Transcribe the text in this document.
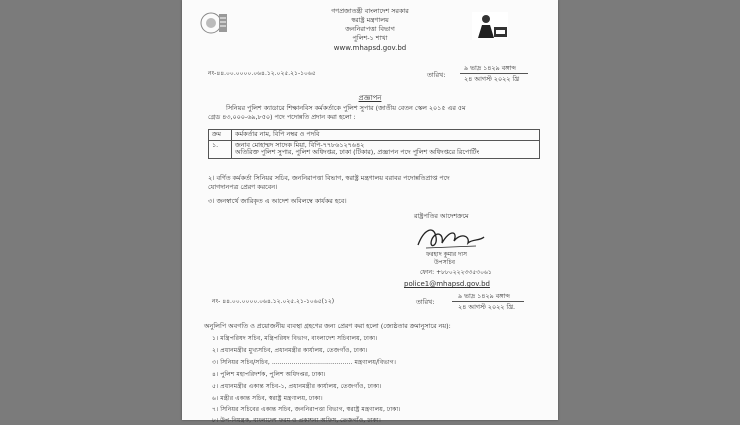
গণপ্রজাতন্ত্রী বাংলাদেশ সরকার
স্বরাষ্ট্র মন্ত্রণালয়
জননিরাপত্তা বিভাগ
পুলিশ-১ শাখা
www.mhapsd.gov.bd
নং-৪৪.০০.০০০০.০৬৪.১২.০২৫.২১-১০৬৫	তারিখ:
৯ ভাদ্র ১৪২৯ বঙ্গাব্দ
২৪ আগস্ট ২০২২ খ্রি
প্রজ্ঞাপন
সিনিয়র পুলিশ ক্যাডারে শিক্ষানবিস কর্মকর্তাকে পুলিশ সুপার (জাতীয় বেতন স্কেল ২০১৫ এর ৫ম
গ্রেড ৪৩,০০০-৬৯,৮৫০) পদে পদোন্নতি প্রদান করা হলো :
ক্রম	কর্মকর্তার নাম, বিপি নম্বর ও পদবি
১.	জনাব মোহাম্মদ সাদেক মিয়া, বিপি-৭৭৮৬১২৭৬৪২
অতিরিক্ত পুলিশ সুপার, পুলিশ অধিদপ্তর, ঢাকা (টিকার), প্রজ্ঞাপন পদে পুলিশ অধিদপ্তরে রিপোর্টিং
২। বর্ণিত কর্মকর্তা সিনিয়র সচিব, জননিরাপত্তা বিভাগ, স্বরাষ্ট্র মন্ত্রণালয় বরাবর পদোন্নতিপ্রাপ্ত পদে
যোগদানপত্র প্রেরণ করবেন।
৩। জনস্বার্থে জারিকৃত এ আদেশ অবিলম্বে কার্যকর হবে।
রাষ্ট্রপতির আদেশক্রমে
ফরহাদ কুমার দাস
উপসচিব
ফোন: +৮৮০২২২৩৩৫৩০৬১
police1@mhapsd.gov.bd
নং- ৪৪.০০.০০০০.০৬৪.১২.০২৫.২১-১০৬৫(১২)	তারিখ:
৯ ভাদ্র ১৪২৯ বঙ্গাব্দ
২৪ আগস্ট ২০২২ খ্রি.
অনুলিপি অবগতি ও প্রয়োজনীয় ব্যবস্থা গ্রহণের জন্য প্রেরণ করা হলো (জ্যেষ্ঠতার ক্রমানুসারে নয়):
১। মন্ত্রিপরিষদ সচিব, মন্ত্রিপরিষদ বিভাগ, বাংলাদেশ সচিবালয়, ঢাকা।
২। প্রধানমন্ত্রীর মুখ্যসচিব, প্রধানমন্ত্রীর কার্যালয়, তেজগাঁও, ঢাকা।
৩। সিনিয়র সচিব/সচিব, ......................................... মন্ত্রণালয়/বিভাগ।
৪। পুলিশ মহাপরিদর্শক, পুলিশ অধিদপ্তর, ঢাকা।
৫। প্রধানমন্ত্রীর একান্ত সচিব-১, প্রধানমন্ত্রীর কার্যালয়, তেজগাঁও, ঢাকা।
৬। মন্ত্রীর একান্ত সচিব, স্বরাষ্ট্র মন্ত্রণালয়, ঢাকা।
৭। সিনিয়র সচিবের একান্ত সচিব, জননিরাপত্তা বিভাগ, স্বরাষ্ট্র মন্ত্রণালয়, ঢাকা।
৮। উপ-নিয়ন্ত্রক, বাংলাদেশ ফরম ও প্রকাশনা অফিস, তেজগাঁও, ঢাকা।
